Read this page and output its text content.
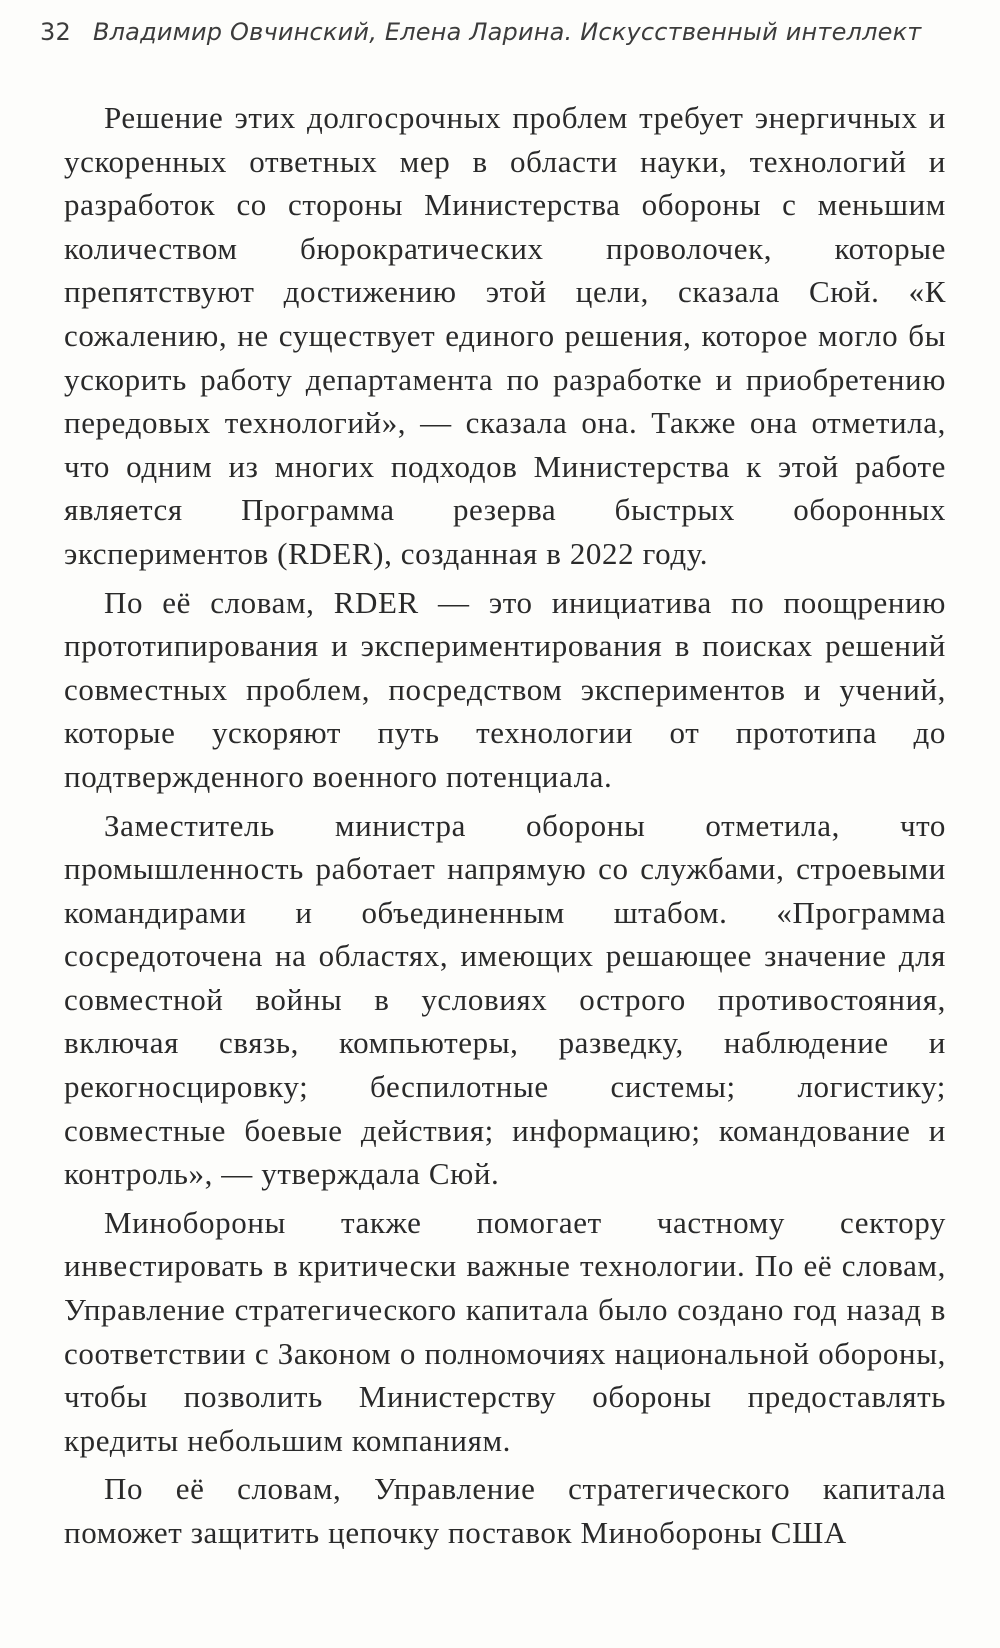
32 Владимир Овчинский, Елена Ларина. Искусственный интеллект

Решение этих долгосрочных проблем требует энергичных и ускоренных ответных мер в области науки, технологий и разработок со стороны Министерства обороны с меньшим количеством бюрократических проволочек, которые препятствуют достижению этой цели, сказала Сюй. «К сожалению, не существует единого решения, которое могло бы ускорить работу департамента по разработке и приобретению передовых технологий», — сказала она. Также она отметила, что одним из многих подходов Министерства к этой работе является Программа резерва быстрых оборонных экспериментов (RDER), созданная в 2022 году.

По её словам, RDER — это инициатива по поощрению прототипирования и экспериментирования в поисках решений совместных проблем, посредством экспериментов и учений, которые ускоряют путь технологии от прототипа до подтвержденного военного потенциала.

Заместитель министра обороны отметила, что промышленность работает напрямую со службами, строевыми командирами и объединенным штабом. «Программа сосредоточена на областях, имеющих решающее значение для совместной войны в условиях острого противостояния, включая связь, компьютеры, разведку, наблюдение и рекогносцировку; беспилотные системы; логистику; совместные боевые действия; информацию; командование и контроль», — утверждала Сюй.

Минобороны также помогает частному сектору инвестировать в критически важные технологии. По её словам, Управление стратегического капитала было создано год назад в соответствии с Законом о полномочиях национальной обороны, чтобы позволить Министерству обороны предоставлять кредиты небольшим компаниям.

По её словам, Управление стратегического капитала поможет защитить цепочку поставок Минобороны США
